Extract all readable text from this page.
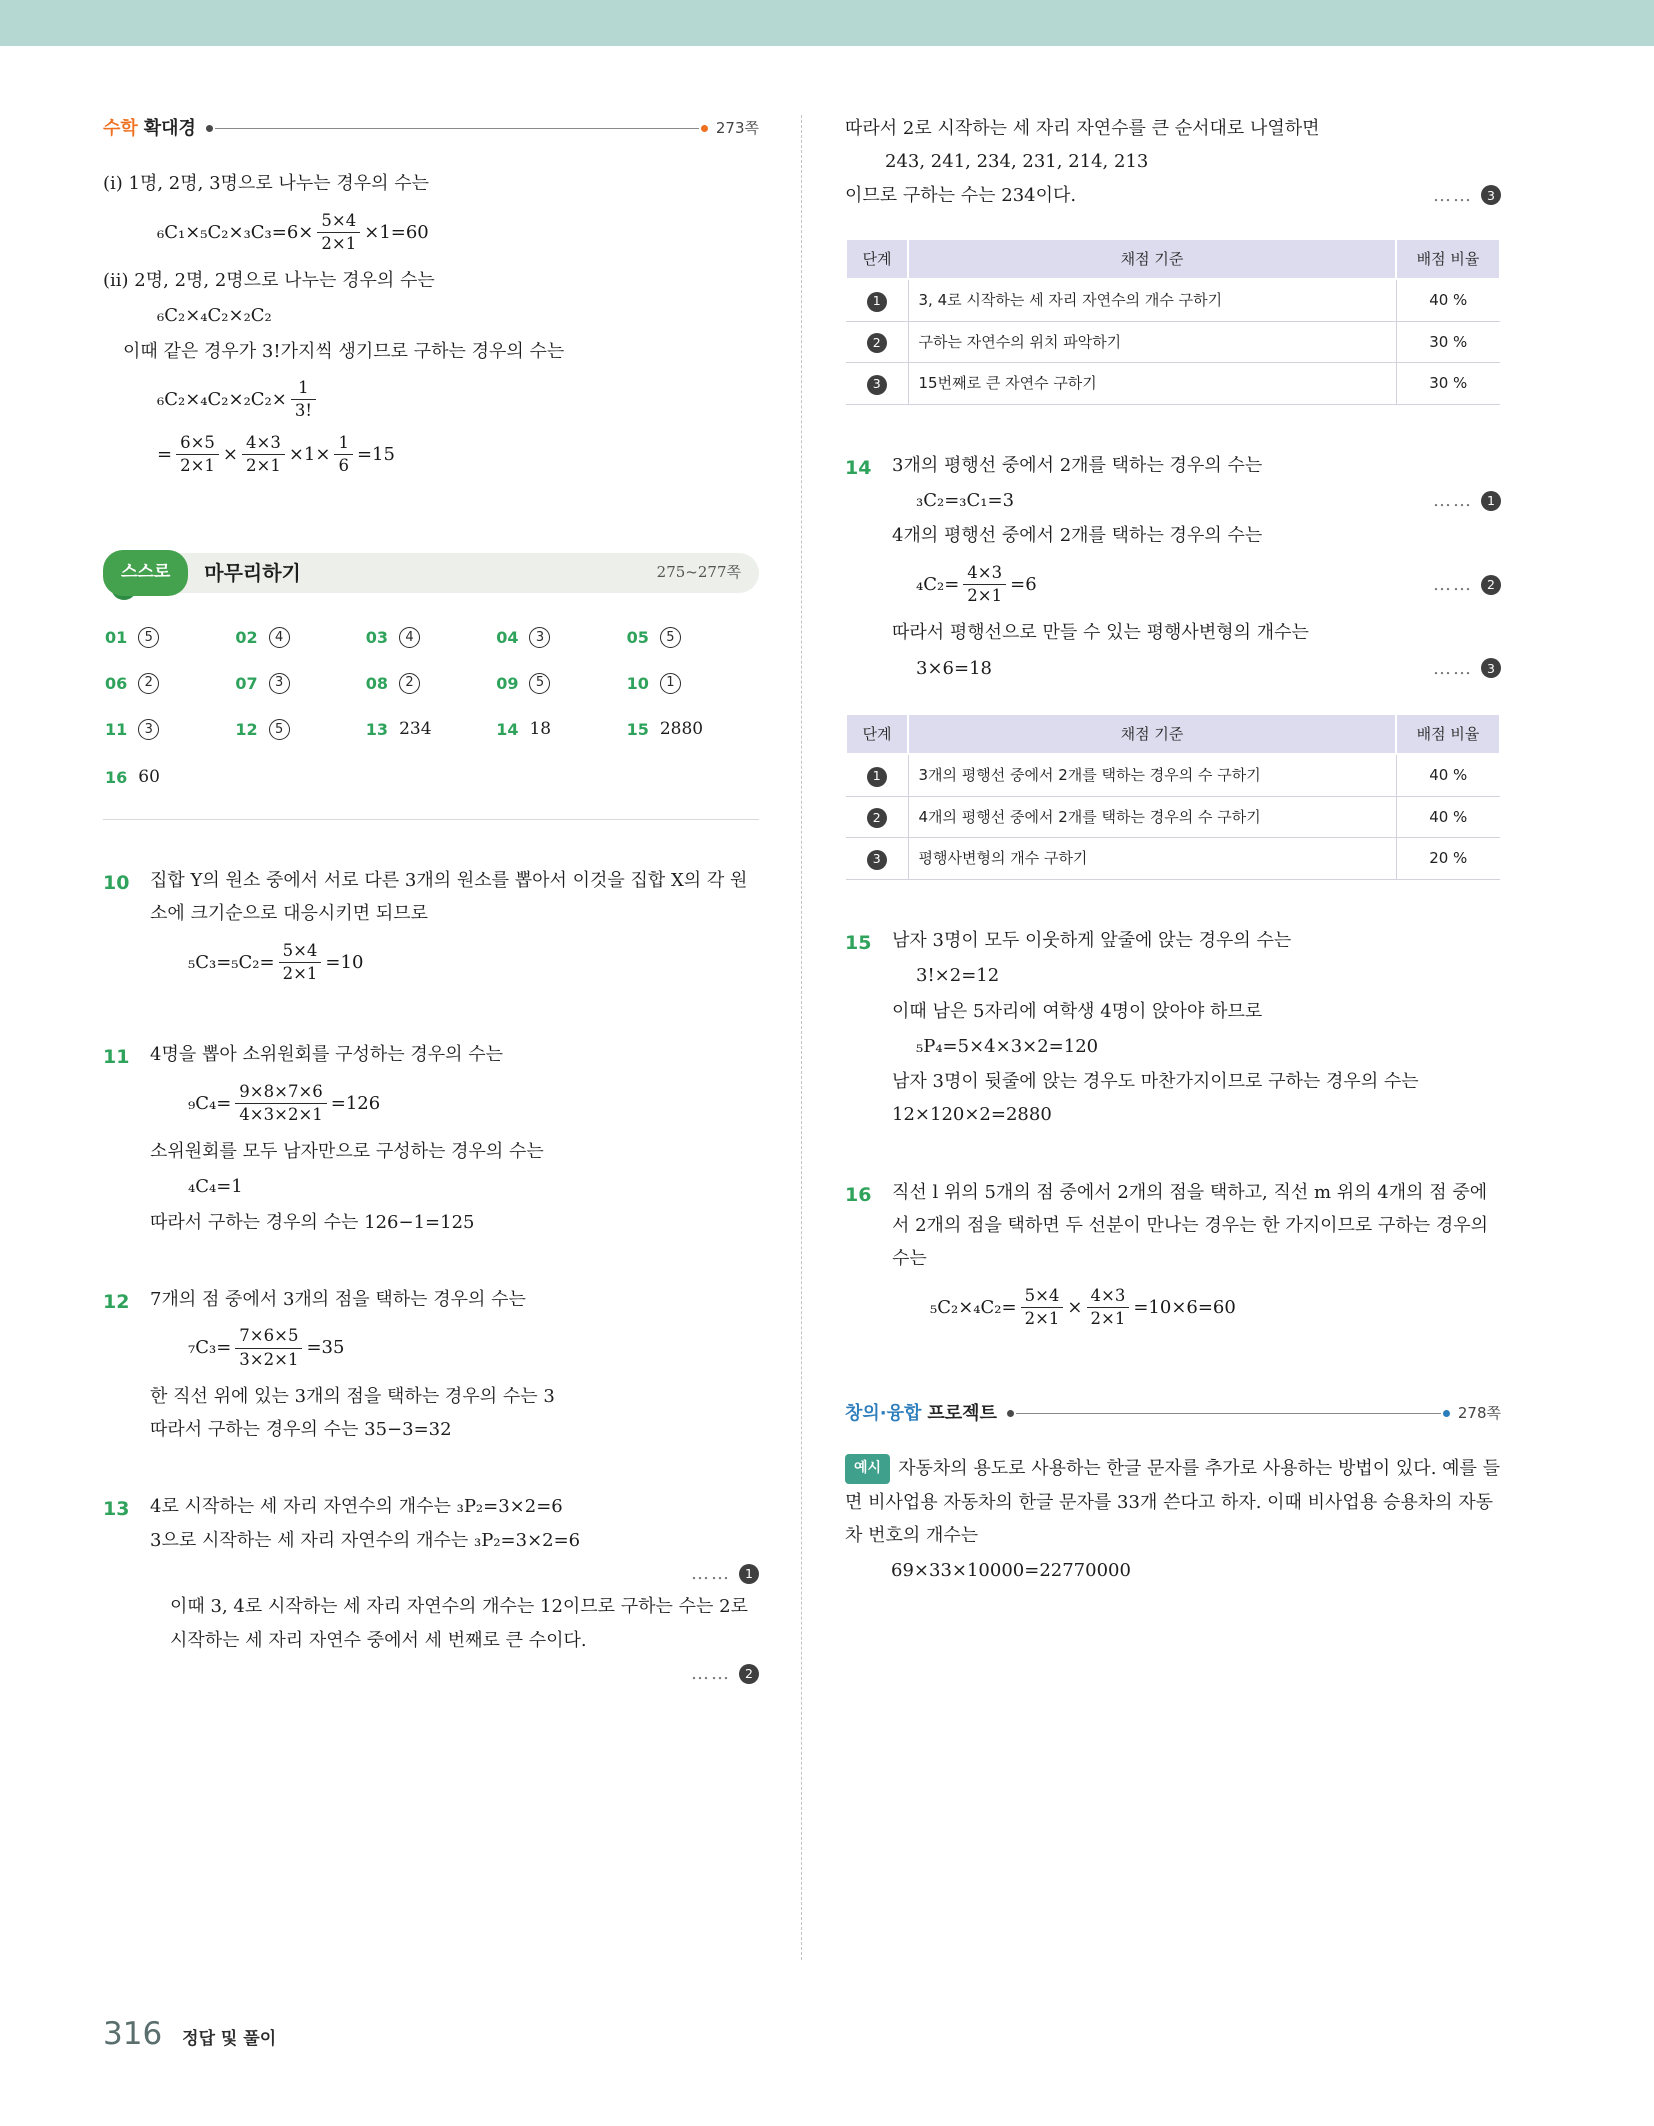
수학 확대경	273쪽

(i) 1명, 2명, 3명으로 나누는 경우의 수는

$_6C_1\times_5C_2\times_3C_3=6\times \frac{5\times 4}{2\times 1} \times 1=60$

(ii) 2명, 2명, 2명으로 나누는 경우의 수는

₆C₂×₄C₂×₂C₂

이때 같은 경우가 3!가지씩 생기므로 구하는 경우의 수는

$_6C_2\times_4C_2\times_2C_2\times \frac{1}{3!}$
= $\frac{6\times 5}{2\times 1} \times \frac{4\times 3}{2\times 1} \times 1\times \frac{1}{6} =15$
스스로	마무리하기	275~277쪽
01	5	02	4	03	4	04	3	05	5
06	2	07	3	08	2	09	5	10	1
11	3	12	5	13 234	14 18	15 2880
16 60
10	집합 Y의 원소 중에서 서로 다른 3개의 원소를 뽑아서 이것을 집합 X의 각 원소에 크기순으로 대응시키면 되므로

$_5C_3=_5C_2= \frac{5\times 4}{2\times 1} =10$
11	4명을 뽑아 소위원회를 구성하는 경우의 수는

$_9C_4= \frac{9\times 8\times 7\times 6}{4\times 3\times 2\times 1} =126$

소위원회를 모두 남자만으로 구성하는 경우의 수는

₄C₄=1

따라서 구하는 경우의 수는 126−1=125

12	7개의 점 중에서 3개의 점을 택하는 경우의 수는

$_7C_3= \frac{7\times 6\times 5}{3\times 2\times 1} =35$

한 직선 위에 있는 3개의 점을 택하는 경우의 수는 3

따라서 구하는 경우의 수는 35−3=32

13	4로 시작하는 세 자리 자연수의 개수는 ₃P₂=3×2=6

3으로 시작하는 세 자리 자연수의 개수는 ₃P₂=3×2=6

……	1

이때 3, 4로 시작하는 세 자리 자연수의 개수는 12이므로 구하는 수는 2로 시작하는 세 자리 자연수 중에서 세 번째로 큰 수이다.

……	2

따라서 2로 시작하는 세 자리 자연수를 큰 순서대로 나열하면

243, 241, 234, 231, 214, 213

이므로 구하는 수는 234이다.	……	3
단계	채점 기준	배점 비율
1	3, 4로 시작하는 세 자리 자연수의 개수 구하기	40 %
2	구하는 자연수의 위치 파악하기	30 %
3	15번째로 큰 자연수 구하기	30 %
14	3개의 평행선 중에서 2개를 택하는 경우의 수는

₃C₂=₃C₁=3	……	1

4개의 평행선 중에서 2개를 택하는 경우의 수는

$_4C_2= \frac{4\times 3}{2\times 1} =6$	……	2

따라서 평행선으로 만들 수 있는 평행사변형의 개수는

3×6=18	……	3
단계	채점 기준	배점 비율
1	3개의 평행선 중에서 2개를 택하는 경우의 수 구하기	40 %
2	4개의 평행선 중에서 2개를 택하는 경우의 수 구하기	40 %
3	평행사변형의 개수 구하기	20 %
15	남자 3명이 모두 이웃하게 앞줄에 앉는 경우의 수는

3!×2=12

이때 남은 5자리에 여학생 4명이 앉아야 하므로

₅P₄=5×4×3×2=120

남자 3명이 뒷줄에 앉는 경우도 마찬가지이므로 구하는 경우의 수는 12×120×2=2880

16	직선 l 위의 5개의 점 중에서 2개의 점을 택하고, 직선 m 위의 4개의 점 중에서 2개의 점을 택하면 두 선분이 만나는 경우는 한 가지이므로 구하는 경우의 수는

$_5C_2\times_4C_2= \frac{5\times 4}{2\times 1} \times \frac{4\times 3}{2\times 1} =10\times 6=60$
창의·융합 프로젝트	278쪽

예시 자동차의 용도로 사용하는 한글 문자를 추가로 사용하는 방법이 있다. 예를 들면 비사업용 자동차의 한글 문자를 33개 쓴다고 하자. 이때 비사업용 승용차의 자동차 번호의 개수는

69×33×10000=22770000
316 정답 및 풀이
